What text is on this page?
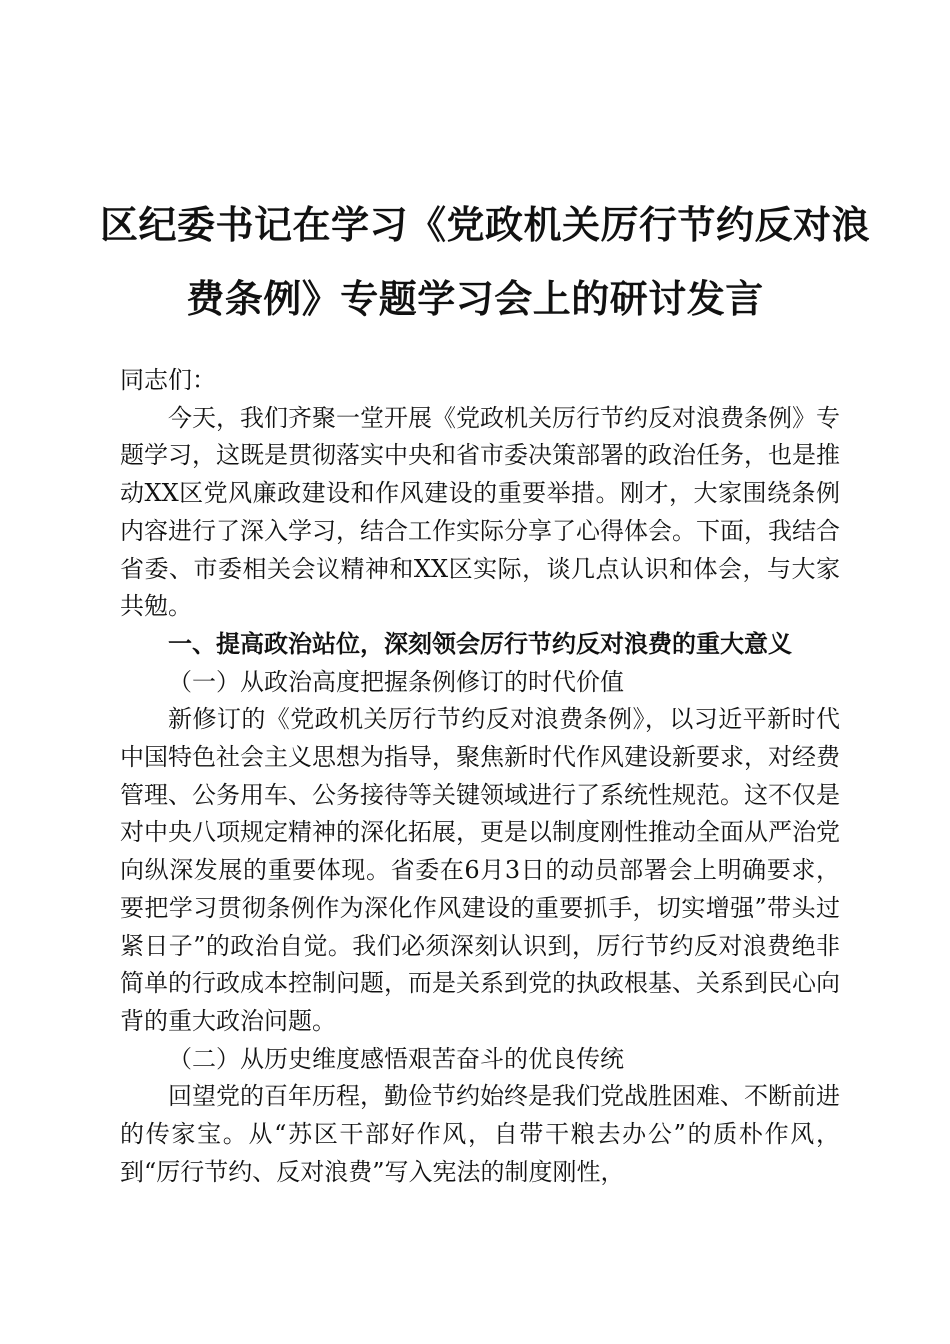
区纪委书记在学习《党政机关厉行节约反对浪
费条例》专题学习会上的研讨发言

同志们：

今天，我们齐聚一堂开展《党政机关厉行节约反对浪费条例》专题学习，这既是贯彻落实中央和省市委决策部署的政治任务，也是推动XX区党风廉政建设和作风建设的重要举措。刚才，大家围绕条例内容进行了深入学习，结合工作实际分享了心得体会。下面，我结合省委、市委相关会议精神和XX区实际，谈几点认识和体会，与大家共勉。

一、提高政治站位，深刻领会厉行节约反对浪费的重大意义

（一）从政治高度把握条例修订的时代价值

新修订的《党政机关厉行节约反对浪费条例》，以习近平新时代中国特色社会主义思想为指导，聚焦新时代作风建设新要求，对经费管理、公务用车、公务接待等关键领域进行了系统性规范。这不仅是对中央八项规定精神的深化拓展，更是以制度刚性推动全面从严治党向纵深发展的重要体现。省委在6月3日的动员部署会上明确要求，要把学习贯彻条例作为深化作风建设的重要抓手，切实增强”带头过紧日子”的政治自觉。我们必须深刻认识到，厉行节约反对浪费绝非简单的行政成本控制问题，而是关系到党的执政根基、关系到民心向背的重大政治问题。

（二）从历史维度感悟艰苦奋斗的优良传统

回望党的百年历程，勤俭节约始终是我们党战胜困难、不断前进的传家宝。从“苏区干部好作风，自带干粮去办公”的质朴作风，到“厉行节约、反对浪费”写入宪法的制度刚性，
